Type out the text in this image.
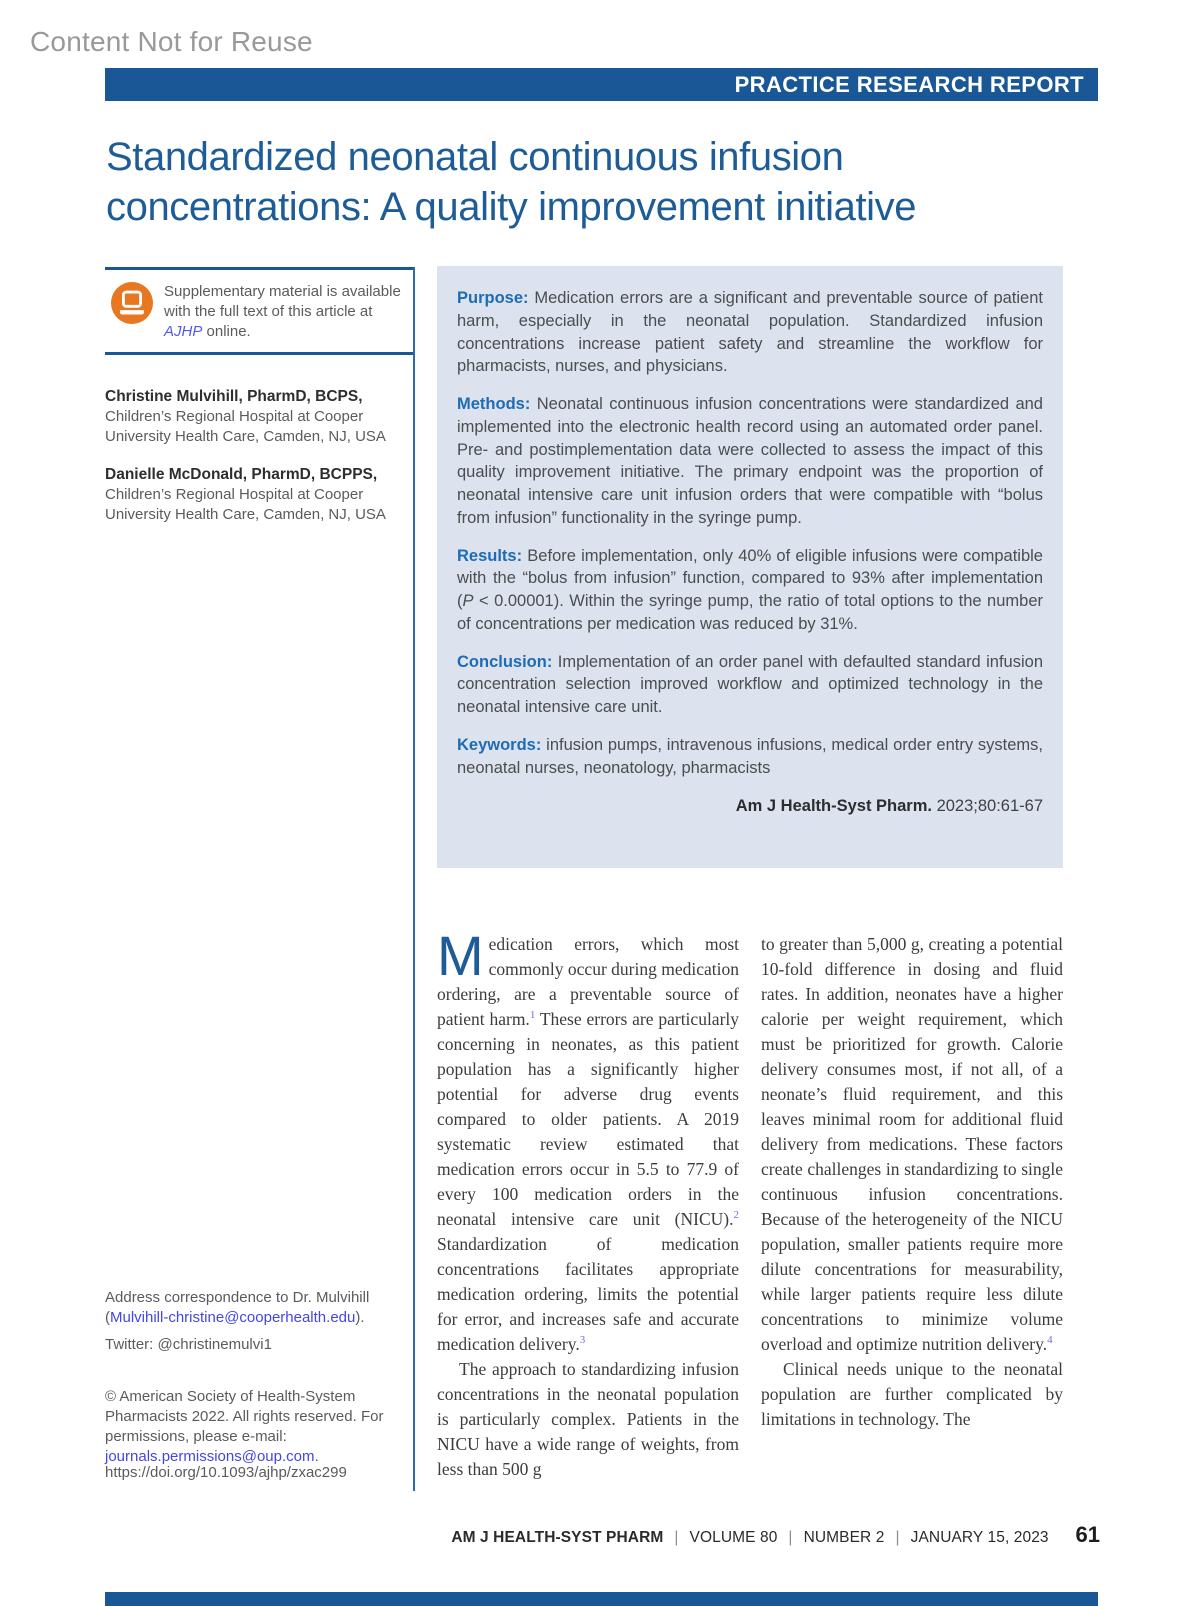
Content Not for Reuse
PRACTICE RESEARCH REPORT
Standardized neonatal continuous infusion concentrations: A quality improvement initiative
Supplementary material is available with the full text of this article at AJHP online.
Christine Mulvihill, PharmD, BCPS,
Children’s Regional Hospital at Cooper University Health Care, Camden, NJ, USA
Danielle McDonald, PharmD, BCPPS,
Children’s Regional Hospital at Cooper University Health Care, Camden, NJ, USA
Address correspondence to Dr. Mulvihill (Mulvihill-christine@cooperhealth.edu).
Twitter: @christinemulvi1
© American Society of Health-System Pharmacists 2022. All rights reserved. For permissions, please e-mail: journals.permissions@oup.com.
https://doi.org/10.1093/ajhp/zxac299

Purpose: Medication errors are a significant and preventable source of patient harm, especially in the neonatal population. Standardized infusion concentrations increase patient safety and streamline the workflow for pharmacists, nurses, and physicians.

Methods: Neonatal continuous infusion concentrations were standardized and implemented into the electronic health record using an automated order panel. Pre- and postimplementation data were collected to assess the impact of this quality improvement initiative. The primary endpoint was the proportion of neonatal intensive care unit infusion orders that were compatible with “bolus from infusion” functionality in the syringe pump.

Results: Before implementation, only 40% of eligible infusions were compatible with the “bolus from infusion” function, compared to 93% after implementation (P < 0.00001). Within the syringe pump, the ratio of total options to the number of concentrations per medication was reduced by 31%.

Conclusion: Implementation of an order panel with defaulted standard infusion concentration selection improved workflow and optimized technology in the neonatal intensive care unit.

Keywords: infusion pumps, intravenous infusions, medical order entry systems, neonatal nurses, neonatology, pharmacists

Am J Health-Syst Pharm. 2023;80:61-67

Medication errors, which most commonly occur during medication ordering, are a preventable source of patient harm.$^1$ These errors are particularly concerning in neonates, as this patient population has a significantly higher potential for adverse drug events compared to older patients. A 2019 systematic review estimated that medication errors occur in 5.5 to 77.9 of every 100 medication orders in the neonatal intensive care unit (NICU).$^2$ Standardization of medication concentrations facilitates appropriate medication ordering, limits the potential for error, and increases safe and accurate medication delivery.$^3$

The approach to standardizing infusion concentrations in the neonatal population is particularly complex. Patients in the NICU have a wide range of weights, from less than 500 g

to greater than 5,000 g, creating a potential 10-fold difference in dosing and fluid rates. In addition, neonates have a higher calorie per weight requirement, which must be prioritized for growth. Calorie delivery consumes most, if not all, of a neonate’s fluid requirement, and this leaves minimal room for additional fluid delivery from medications. These factors create challenges in standardizing to single continuous infusion concentrations. Because of the heterogeneity of the NICU population, smaller patients require more dilute concentrations for measurability, while larger patients require less dilute concentrations to minimize volume overload and optimize nutrition delivery.$^4$

Clinical needs unique to the neonatal population are further complicated by limitations in technology. The

AM J HEALTH-SYST PHARM | VOLUME 80 | NUMBER 2 | JANUARY 15, 2023	61
